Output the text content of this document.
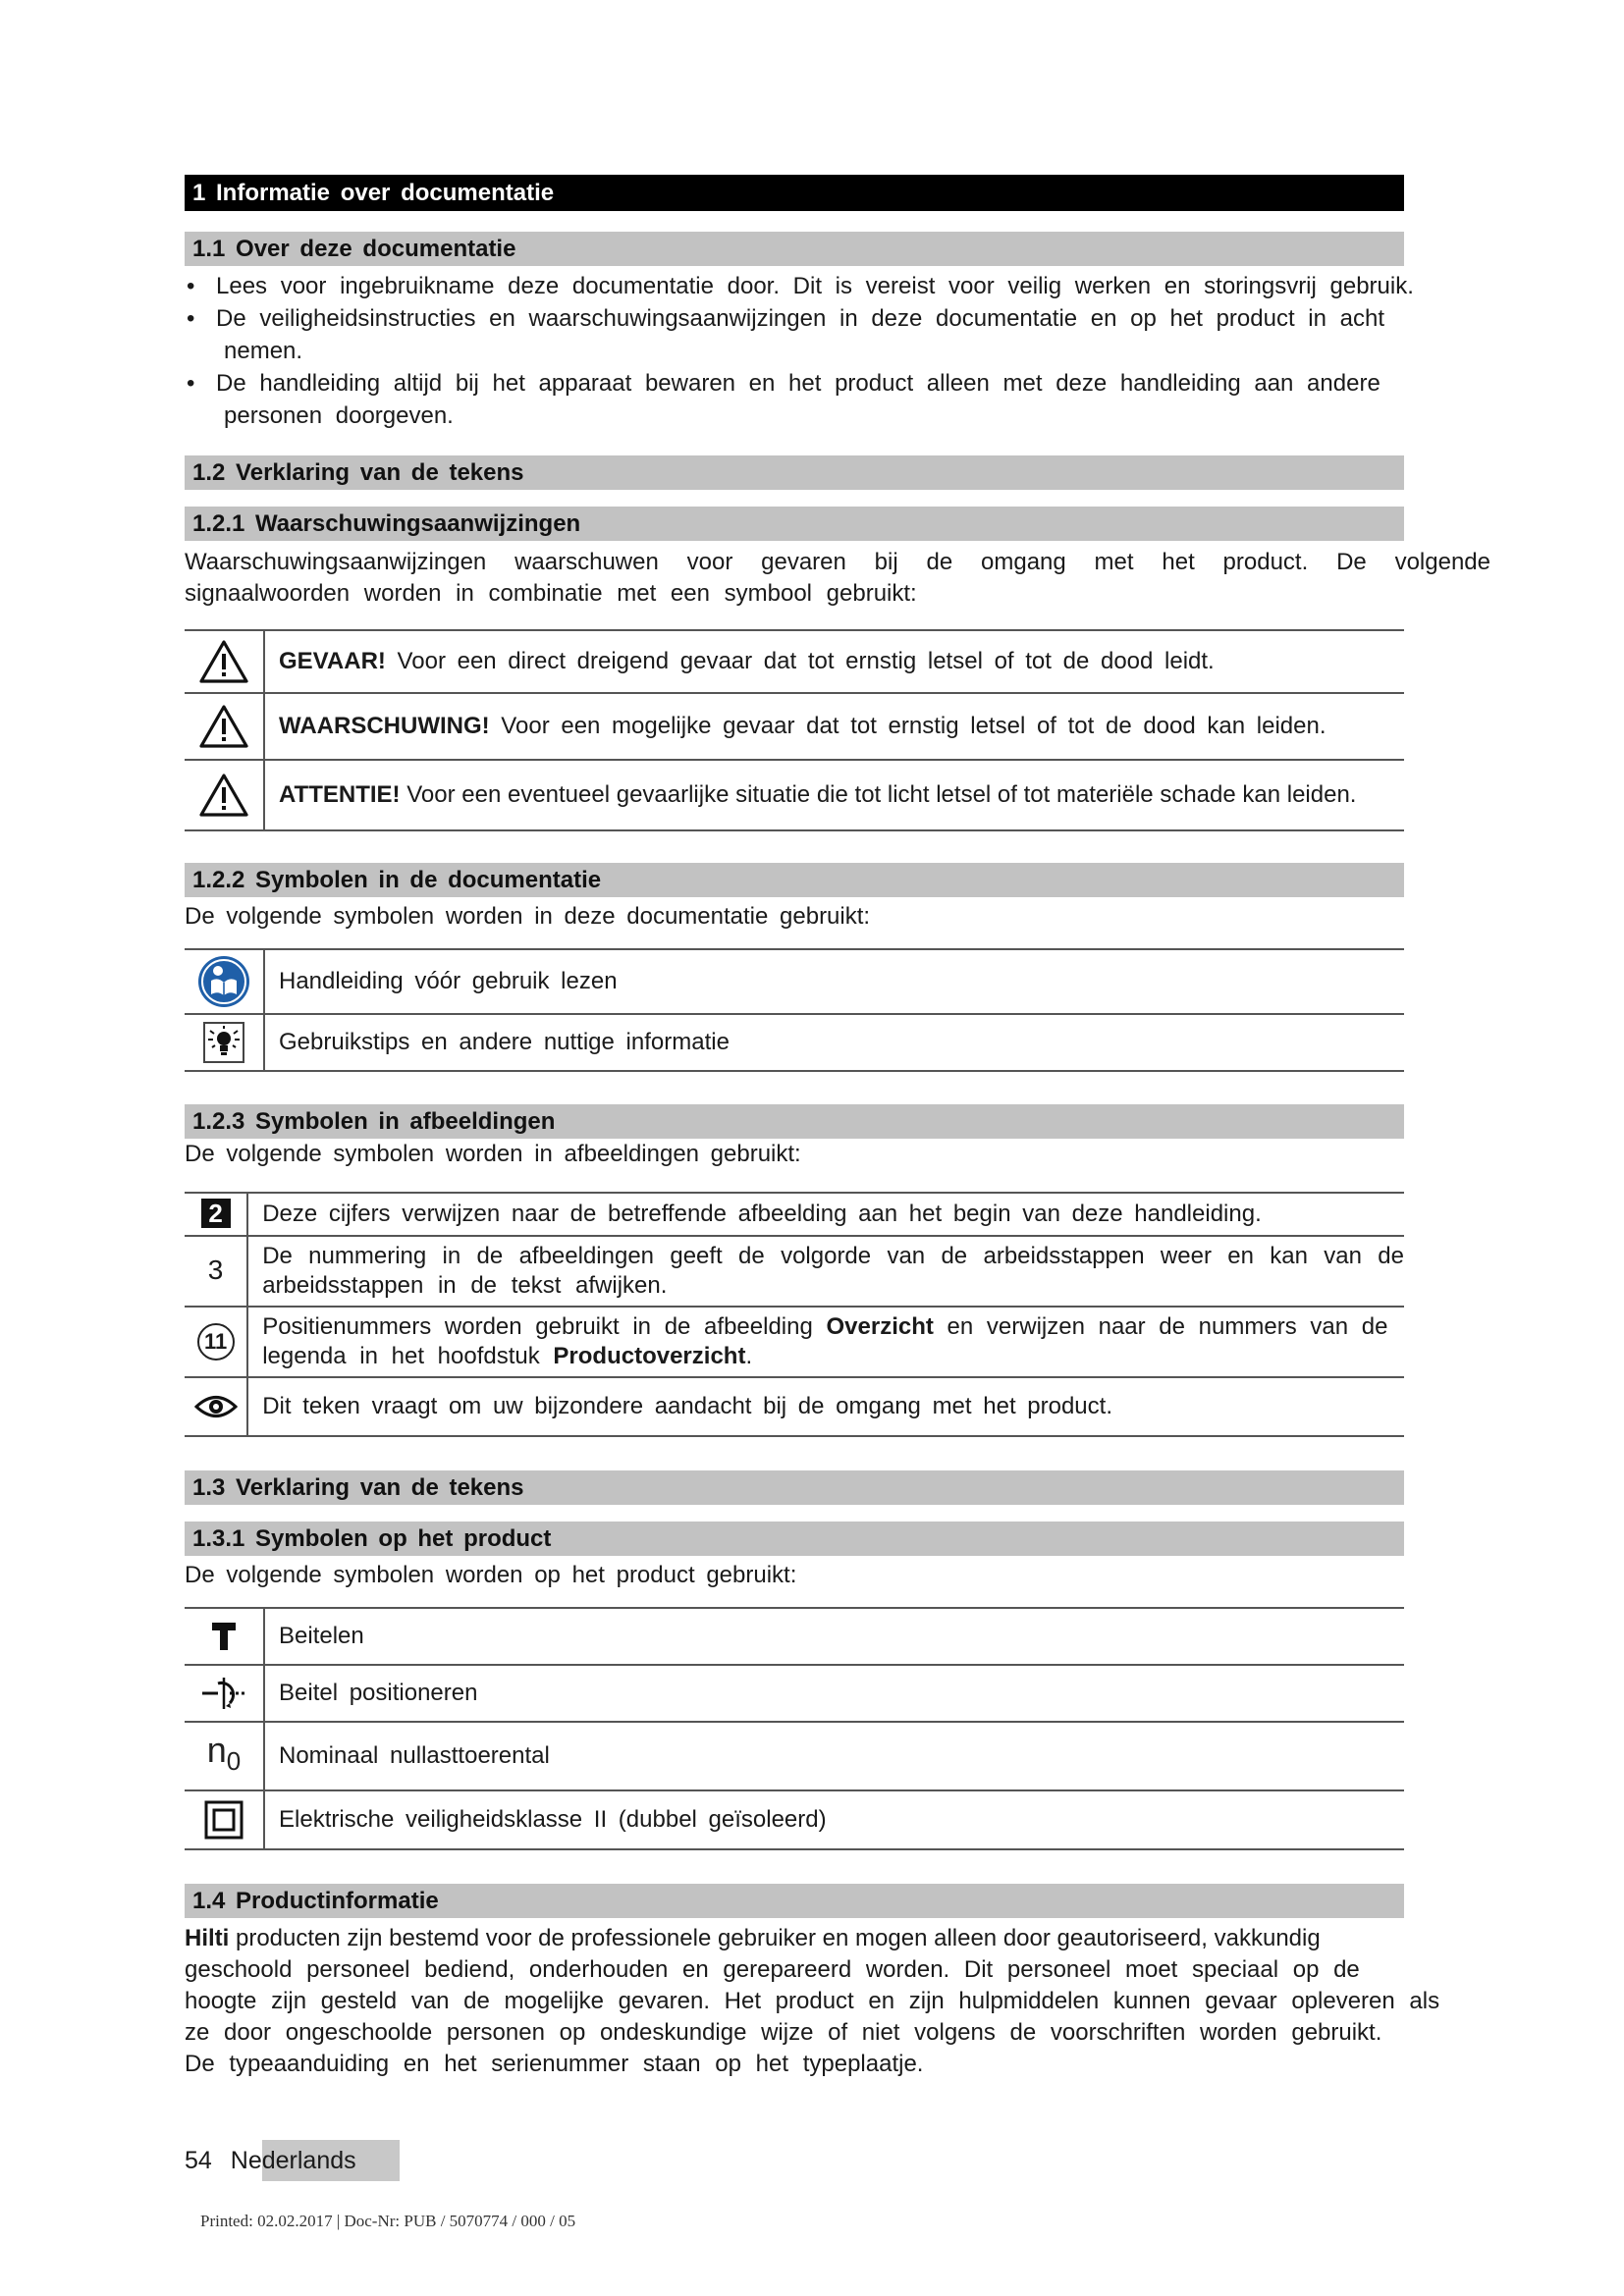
1 Informatie over documentatie
1.1 Over deze documentatie
• Lees voor ingebruikname deze documentatie door. Dit is vereist voor veilig werken en storingsvrij gebruik.
• De veiligheidsinstructies en waarschuwingsaanwijzingen in deze documentatie en op het product in acht
nemen.
• De handleiding altijd bij het apparaat bewaren en het product alleen met deze handleiding aan andere
personen doorgeven.
1.2 Verklaring van de tekens
1.2.1 Waarschuwingsaanwijzingen

Waarschuwingsaanwijzingen waarschuwen voor gevaren bij de omgang met het product. De volgende signaalwoorden worden in combinatie met een symbool gebruikt:

	GEVAAR! Voor een direct dreigend gevaar dat tot ernstig letsel of tot de dood leidt.

	WAARSCHUWING! Voor een mogelijke gevaar dat tot ernstig letsel of tot de dood kan leiden.

	ATTENTIE! Voor een eventueel gevaarlijke situatie die tot licht letsel of tot materiële schade kan leiden.
1.2.2 Symbolen in de documentatie

De volgende symbolen worden in deze documentatie gebruikt:

	Handleiding vóór gebruik lezen

	Gebruikstips en andere nuttige informatie
1.2.3 Symbolen in afbeeldingen

De volgende symbolen worden in afbeeldingen gebruikt:

2	Deze cijfers verwijzen naar de betreffende afbeelding aan het begin van deze handleiding.
3	De nummering in de afbeeldingen geeft de volgorde van de arbeidsstappen weer en kan van de arbeidsstappen in de tekst afwijken.
11	Positienummers worden gebruikt in de afbeelding Overzicht en verwijzen naar de nummers van de legenda in het hoofdstuk Productoverzicht.

	Dit teken vraagt om uw bijzondere aandacht bij de omgang met het product.
1.3 Verklaring van de tekens
1.3.1 Symbolen op het product

De volgende symbolen worden op het product gebruikt:

	Beitelen

	Beitel positioneren
$n_0$	Nominaal nullasttoerental

	Elektrische veiligheidsklasse II (dubbel geïsoleerd)
1.4 Productinformatie
Hilti producten zijn bestemd voor de professionele gebruiker en mogen alleen door geautoriseerd, vakkundig
geschoold personeel bediend, onderhouden en gerepareerd worden. Dit personeel moet speciaal op de
hoogte zijn gesteld van de mogelijke gevaren. Het product en zijn hulpmiddelen kunnen gevaar opleveren als
ze door ongeschoolde personen op ondeskundige wijze of niet volgens de voorschriften worden gebruikt.
De typeaanduiding en het serienummer staan op het typeplaatje.
54 Nederlands
Printed: 02.02.2017 | Doc-Nr: PUB / 5070774 / 000 / 05
